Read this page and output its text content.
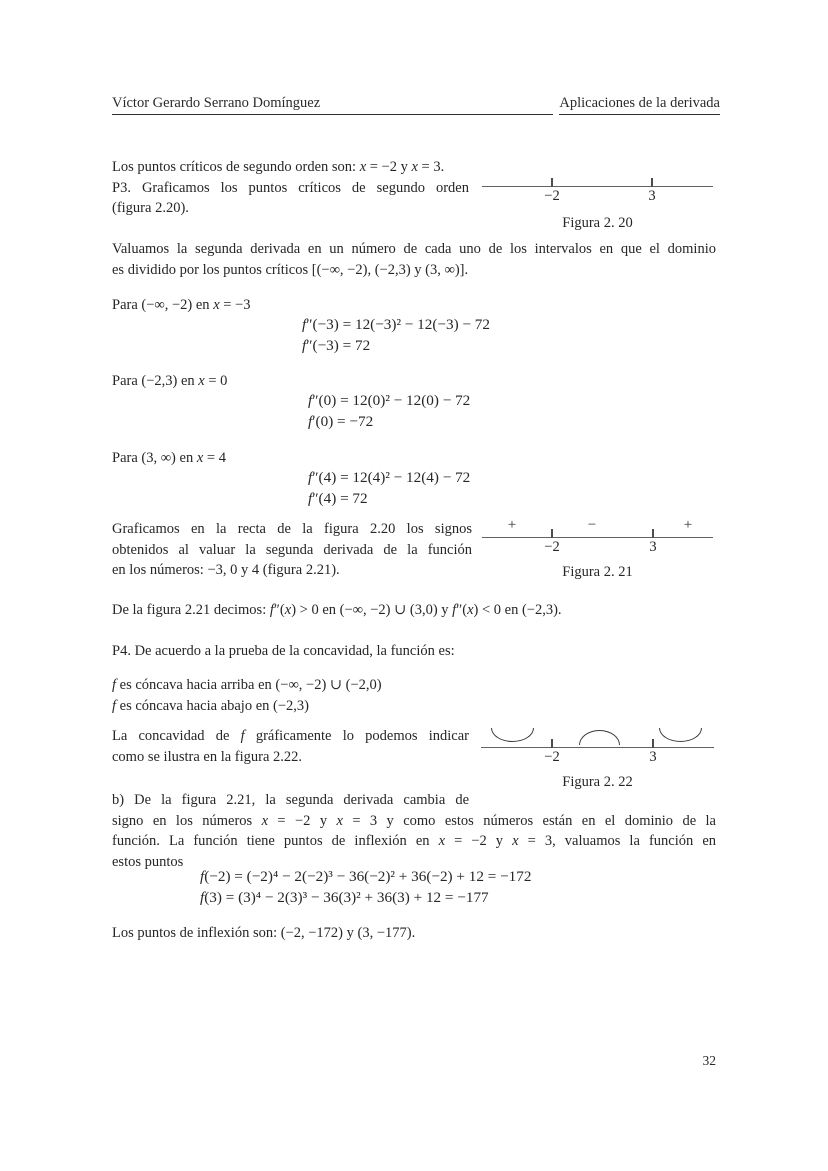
Víctor Gerardo Serrano Domínguez	Aplicaciones de la derivada
Los puntos críticos de segundo orden son: x = −2 y x = 3.
P3. Graficamos los puntos críticos de segundo orden
(figura 2.20).
−2	3
Figura 2. 20
Valuamos la segunda derivada en un número de cada uno de los intervalos en que el dominio
es dividido por los puntos críticos [(−∞, −2), (−2,3) y (3, ∞)].
Para (−∞, −2) en x = −3
f″(−3) = 12(−3)² − 12(−3) − 72
f″(−3) = 72
Para (−2,3) en x = 0
f″(0) = 12(0)² − 12(0) − 72
f′(0) = −72
Para (3, ∞) en x = 4
f″(4) = 12(4)² − 12(4) − 72
f″(4) = 72
Graficamos en la recta de la figura 2.20 los signos
obtenidos al valuar la segunda derivada de la función
en los números: −3, 0 y 4 (figura 2.21).
+	−	+
−2	3
Figura 2. 21
De la figura 2.21 decimos: f″(x) > 0 en (−∞, −2) ∪ (3,0) y f″(x) < 0 en (−2,3).
P4. De acuerdo a la prueba de la concavidad, la función es:
f es cóncava hacia arriba en (−∞, −2) ∪ (−2,0)
f es cóncava hacia abajo en (−2,3)
La concavidad de f gráficamente lo podemos indicar
como se ilustra en la figura 2.22.	−2	3
Figura 2. 22
b) De la figura 2.21, la segunda derivada cambia de
signo en los números x = −2 y x = 3 y como estos números están en el dominio de la
función. La función tiene puntos de inflexión en x = −2 y x = 3, valuamos la función en
estos puntos
f(−2) = (−2)⁴ − 2(−2)³ − 36(−2)² + 36(−2) + 12 = −172
f(3) = (3)⁴ − 2(3)³ − 36(3)² + 36(3) + 12 = −177
Los puntos de inflexión son: (−2, −172) y (3, −177).
32
